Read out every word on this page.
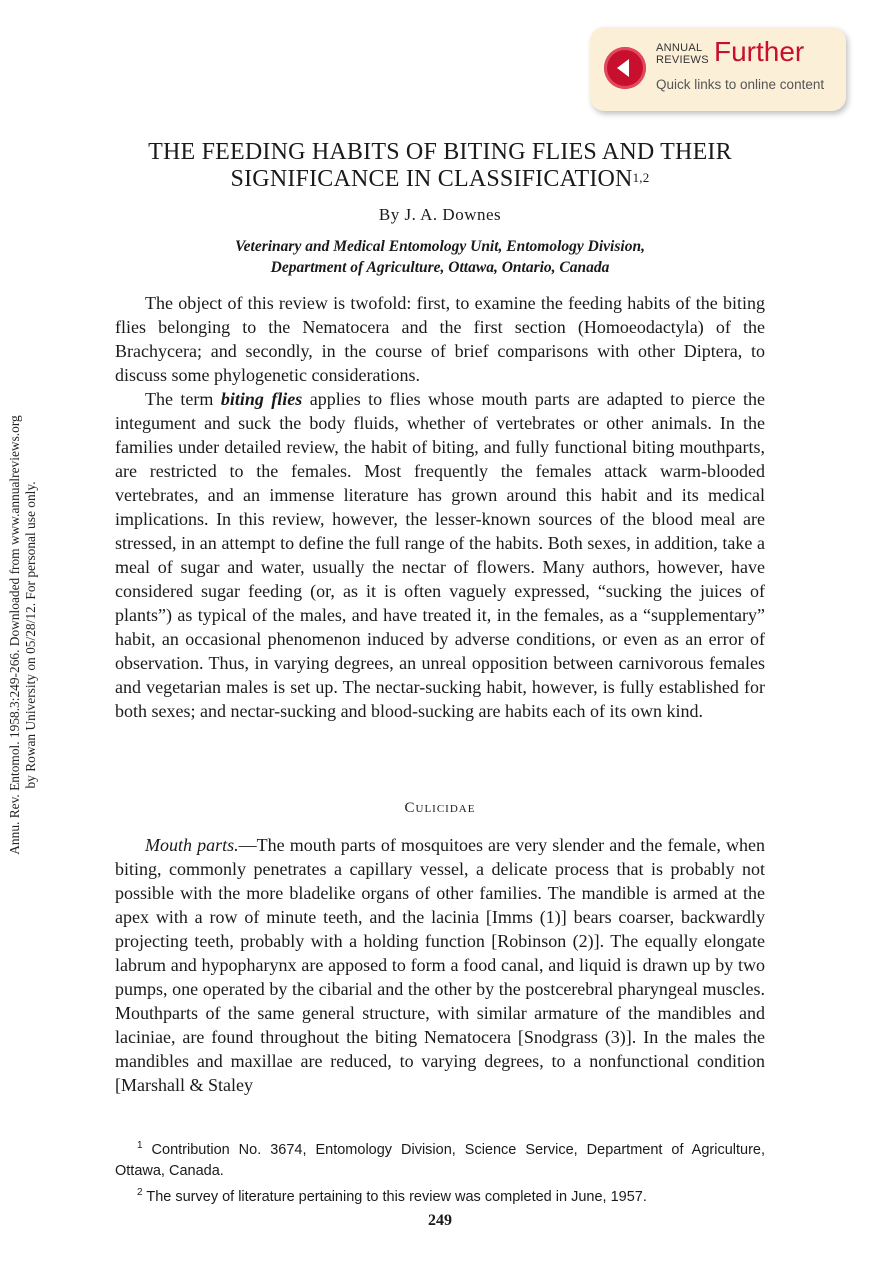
Annu. Rev. Entomol. 1958.3:249-266. Downloaded from www.annualreviews.org by Rowan University on 05/28/12. For personal use only.
ANNUAL
REVIEWS Further
Quick links to online content
THE FEEDING HABITS OF BITING FLIES AND THEIR
SIGNIFICANCE IN CLASSIFICATION$^{1,2}$
By J. A. Downes
Veterinary and Medical Entomology Unit, Entomology Division,
Department of Agriculture, Ottawa, Ontario, Canada

The object of this review is twofold: first, to examine the feeding habits of the biting flies belonging to the Nematocera and the first section (Homoeodactyla) of the Brachycera; and secondly, in the course of brief comparisons with other Diptera, to discuss some phylogenetic considerations.

The term biting flies applies to flies whose mouth parts are adapted to pierce the integument and suck the body fluids, whether of vertebrates or other animals. In the families under detailed review, the habit of biting, and fully functional biting mouthparts, are restricted to the females. Most frequently the females attack warm-blooded vertebrates, and an immense literature has grown around this habit and its medical implications. In this review, however, the lesser-known sources of the blood meal are stressed, in an attempt to define the full range of the habits. Both sexes, in addition, take a meal of sugar and water, usually the nectar of flowers. Many authors, however, have considered sugar feeding (or, as it is often vaguely expressed, “sucking the juices of plants”) as typical of the males, and have treated it, in the females, as a “supplementary” habit, an occasional phenomenon induced by adverse conditions, or even as an error of observation. Thus, in varying degrees, an unreal opposition between carnivorous females and vegetarian males is set up. The nectar-sucking habit, however, is fully established for both sexes; and nectar-sucking and blood-sucking are habits each of its own kind.

Culicidae

Mouth parts.—The mouth parts of mosquitoes are very slender and the female, when biting, commonly penetrates a capillary vessel, a delicate process that is probably not possible with the more bladelike organs of other families. The mandible is armed at the apex with a row of minute teeth, and the lacinia [Imms (1)] bears coarser, backwardly projecting teeth, probably with a holding function [Robinson (2)]. The equally elongate labrum and hypopharynx are apposed to form a food canal, and liquid is drawn up by two pumps, one operated by the cibarial and the other by the postcerebral pharyngeal muscles. Mouthparts of the same general structure, with similar armature of the mandibles and laciniae, are found throughout the biting Nematocera [Snodgrass (3)]. In the males the mandibles and maxillae are reduced, to varying degrees, to a nonfunctional condition [Marshall & Staley

$^1$ Contribution No. 3674, Entomology Division, Science Service, Department of Agriculture, Ottawa, Canada.

$^2$ The survey of literature pertaining to this review was completed in June, 1957.

249
